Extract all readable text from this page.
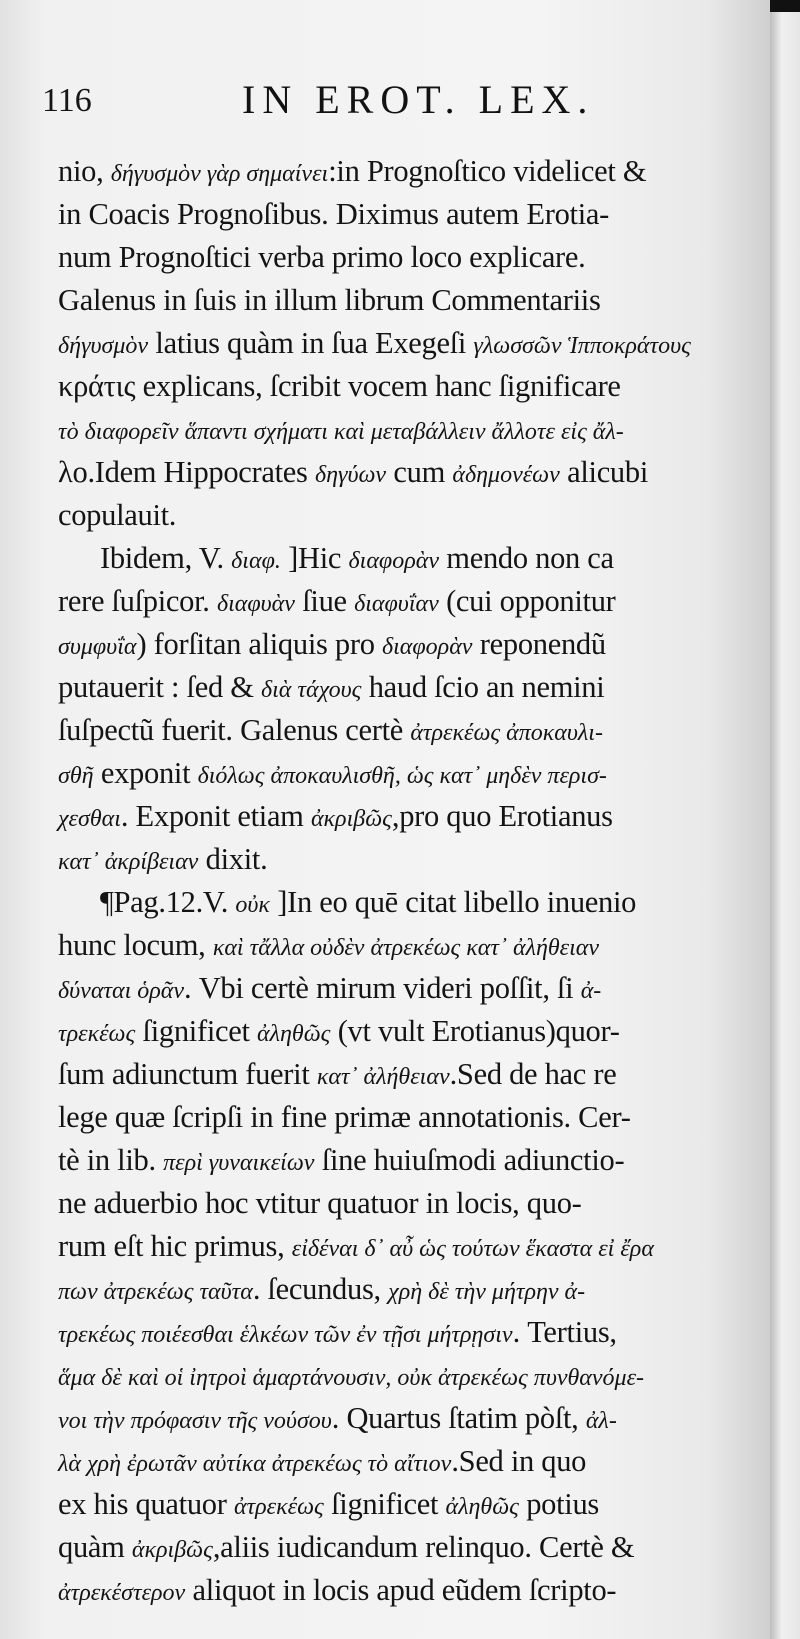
116	IN EROT. LEX.
nio, δήγυσμὸν γὰρ σημαίνει:in Prognoſtico videlicet &
in Coacis Prognoſibus. Diximus autem Erotia-
num Prognoſtici verba primo loco explicare.
Galenus in ſuis in illum librum Commentariis
δήγυσμὸν latius quàm in ſua Exegeſi γλωσσῶν Ἱπποκράτους
κράτις explicans, ſcribit vocem hanc ſignificare
τὸ διαφορεῖν ἅπαντι σχήματι καὶ μεταβάλλειν ἄλλοτε εἰς ἄλ-
λο.Idem Hippocrates δηγύων cum ἀδημονέων alicubi
copulauit.
Ibidem, V. διαφ. ]Hic διαφορὰν mendo non ca
rere ſuſpicor. διαφυὰν ſiue διαφυΐαν (cui opponitur
συμφυΐα) forſitan aliquis pro διαφορὰν reponendũ
putauerit : ſed & διὰ τάχους haud ſcio an nemini
ſuſpectũ fuerit. Galenus certè ἀτρεκέως ἀποκαυλι-
σθῆ exponit διόλως ἀποκαυλισθῆ, ὡς κατ᾽ μηδὲν περισ-
χεσθαι. Exponit etiam ἀκριβῶς,pro quo Erotianus
κατ᾽ ἀκρίβειαν dixit.
¶Pag.12.V. οὐκ ]In eo quē citat libello inuenio
hunc locum, καὶ τἄλλα οὐδὲν ἀτρεκέως κατ᾽ ἀλήθειαν
δύναται ὁρᾶν. Vbi certè mirum videri poſſit, ſi ἀ-
τρεκέως ſignificet ἀληθῶς (vt vult Erotianus)quor-
ſum adiunctum fuerit κατ᾽ ἀλήθειαν.Sed de hac re
lege quæ ſcripſi in fine primæ annotationis. Cer-
tè in lib. περὶ γυναικείων ſine huiuſmodi adiunctio-
ne aduerbio hoc vtitur quatuor in locis, quo-
rum eſt hic primus, εἰδέναι δ᾽ αὖ ὡς τούτων ἕκαστα εἰ ἔρα
πων ἀτρεκέως ταῦτα. ſecundus, χρὴ δὲ τὴν μήτρην ἀ-
τρεκέως ποιέεσθαι ἑλκέων τῶν ἐν τῇσι μήτρῃσιν. Tertius,
ἅμα δὲ καὶ οἱ ἰητροὶ ἁμαρτάνουσιν, οὐκ ἀτρεκέως πυνθανόμε-
νοι τὴν πρόφασιν τῆς νούσου. Quartus ſtatim pòſt, ἀλ-
λὰ χρὴ ἐρωτᾶν αὐτίκα ἀτρεκέως τὸ αἴτιον.Sed in quo
ex his quatuor ἀτρεκέως ſignificet ἀληθῶς potius
quàm ἀκριβῶς,aliis iudicandum relinquo. Certè &
ἀτρεκέστερον aliquot in locis apud eũdem ſcripto-
